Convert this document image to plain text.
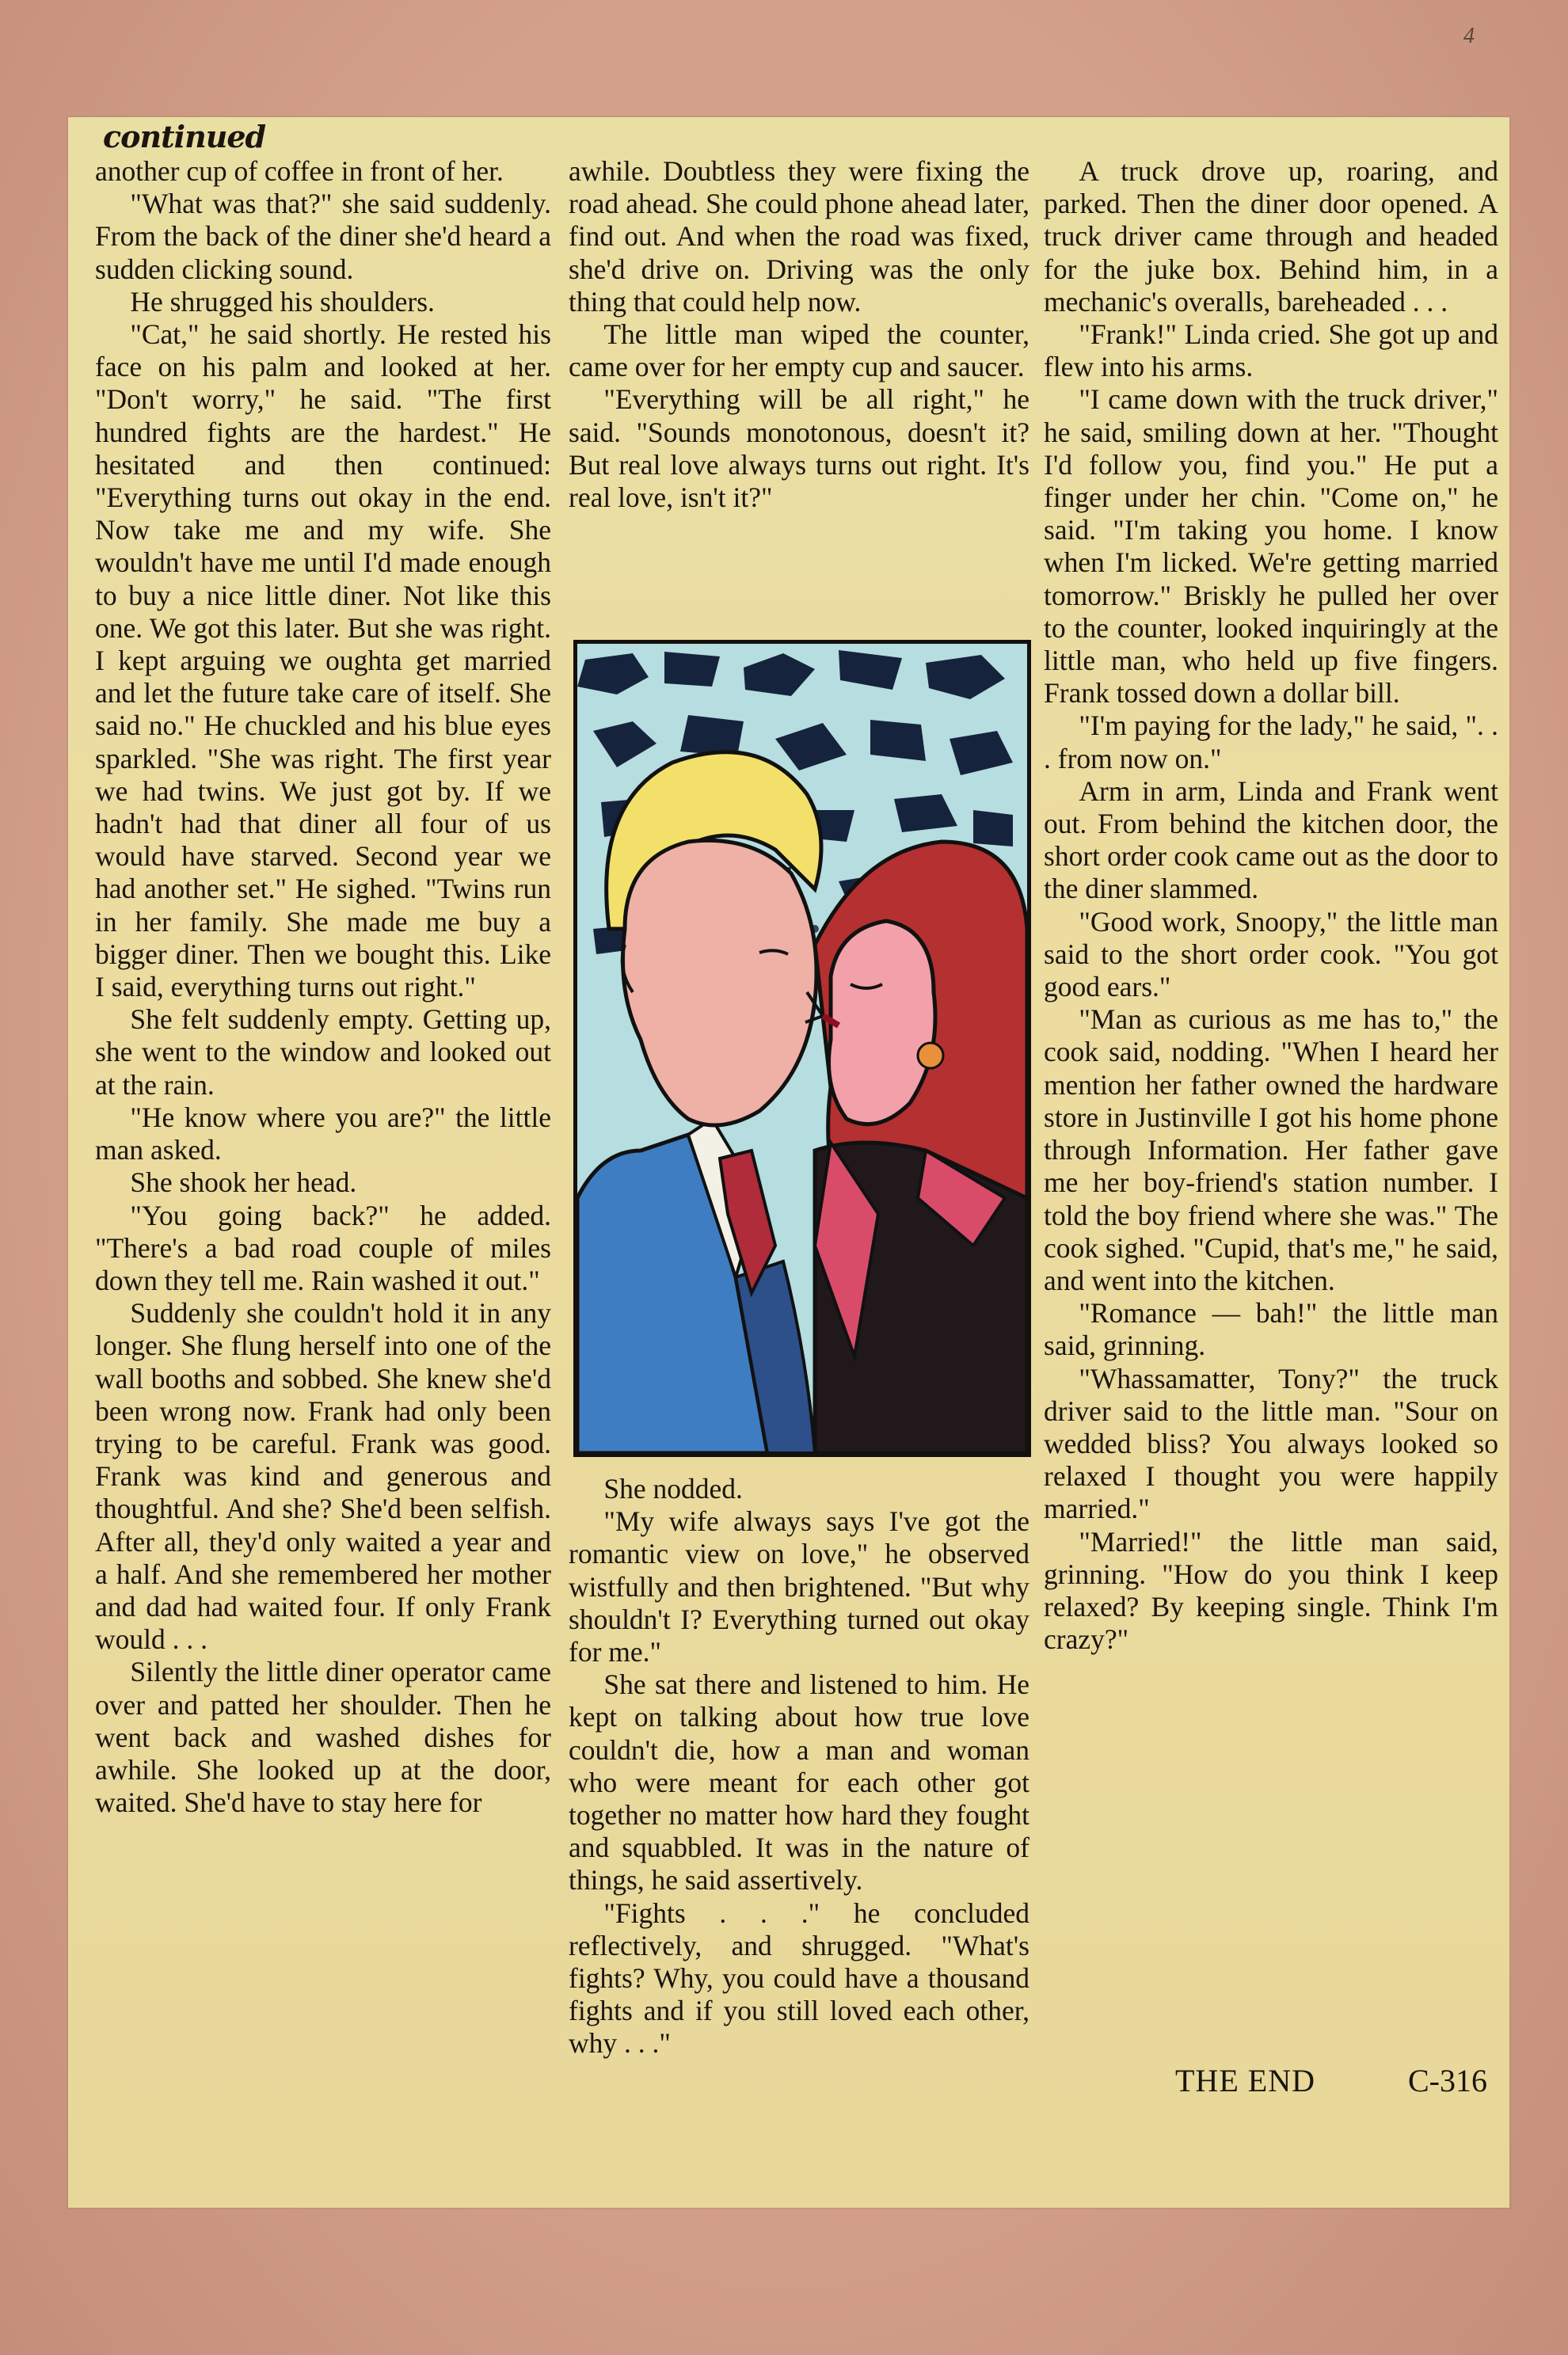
4
continued

another cup of coffee in front of her.

"What was that?" she said suddenly. From the back of the diner she'd heard a sudden clicking sound.

He shrugged his shoulders.

"Cat," he said shortly. He rested his face on his palm and looked at her. "Don't worry," he said. "The first hundred fights are the hardest." He hesitated and then continued: "Everything turns out okay in the end. Now take me and my wife. She wouldn't have me until I'd made enough to buy a nice little diner. Not like this one. We got this later. But she was right. I kept arguing we oughta get married and let the future take care of itself. She said no." He chuckled and his blue eyes sparkled. "She was right. The first year we had twins. We just got by. If we hadn't had that diner all four of us would have starved. Second year we had another set." He sighed. "Twins run in her family. She made me buy a bigger diner. Then we bought this. Like I said, everything turns out right."

She felt suddenly empty. Getting up, she went to the window and looked out at the rain.

"He know where you are?" the little man asked.

She shook her head.

"You going back?" he added. "There's a bad road couple of miles down they tell me. Rain washed it out."

Suddenly she couldn't hold it in any longer. She flung herself into one of the wall booths and sobbed. She knew she'd been wrong now. Frank had only been trying to be careful. Frank was good. Frank was kind and generous and thoughtful. And she? She'd been selfish. After all, they'd only waited a year and a half. And she remembered her mother and dad had waited four. If only Frank would . . .

Silently the little diner operator came over and patted her shoulder. Then he went back and washed dishes for awhile. She looked up at the door, waited. She'd have to stay here for

awhile. Doubtless they were fixing the road ahead. She could phone ahead later, find out. And when the road was fixed, she'd drive on. Driving was the only thing that could help now.

The little man wiped the counter, came over for her empty cup and saucer.

"Everything will be all right," he said. "Sounds monotonous, doesn't it? But real love always turns out right. It's real love, isn't it?"

She nodded.

"My wife always says I've got the romantic view on love," he observed wistfully and then brightened. "But why shouldn't I? Everything turned out okay for me."

She sat there and listened to him. He kept on talking about how true love couldn't die, how a man and woman who were meant for each other got together no matter how hard they fought and squabbled. It was in the nature of things, he said assertively.

"Fights . . ." he concluded reflectively, and shrugged. "What's fights? Why, you could have a thousand fights and if you still loved each other, why . . ."

A truck drove up, roaring, and parked. Then the diner door opened. A truck driver came through and headed for the juke box. Behind him, in a mechanic's overalls, bareheaded . . .

"Frank!" Linda cried. She got up and flew into his arms.

"I came down with the truck driver," he said, smiling down at her. "Thought I'd follow you, find you." He put a finger under her chin. "Come on," he said. "I'm taking you home. I know when I'm licked. We're getting married tomorrow." Briskly he pulled her over to the counter, looked inquiringly at the little man, who held up five fingers. Frank tossed down a dollar bill.

"I'm paying for the lady," he said, ". . . from now on."

Arm in arm, Linda and Frank went out. From behind the kitchen door, the short order cook came out as the door to the diner slammed.

"Good work, Snoopy," the little man said to the short order cook. "You got good ears."

"Man as curious as me has to," the cook said, nodding. "When I heard her mention her father owned the hardware store in Justinville I got his home phone through Information. Her father gave me her boy-friend's station number. I told the boy friend where she was." The cook sighed. "Cupid, that's me," he said, and went into the kitchen.

"Romance — bah!" the little man said, grinning.

"Whassamatter, Tony?" the truck driver said to the little man. "Sour on wedded bliss? You always looked so relaxed I thought you were happily married."

"Married!" the little man said, grinning. "How do you think I keep relaxed? By keeping single. Think I'm crazy?"

THE END	C-316
